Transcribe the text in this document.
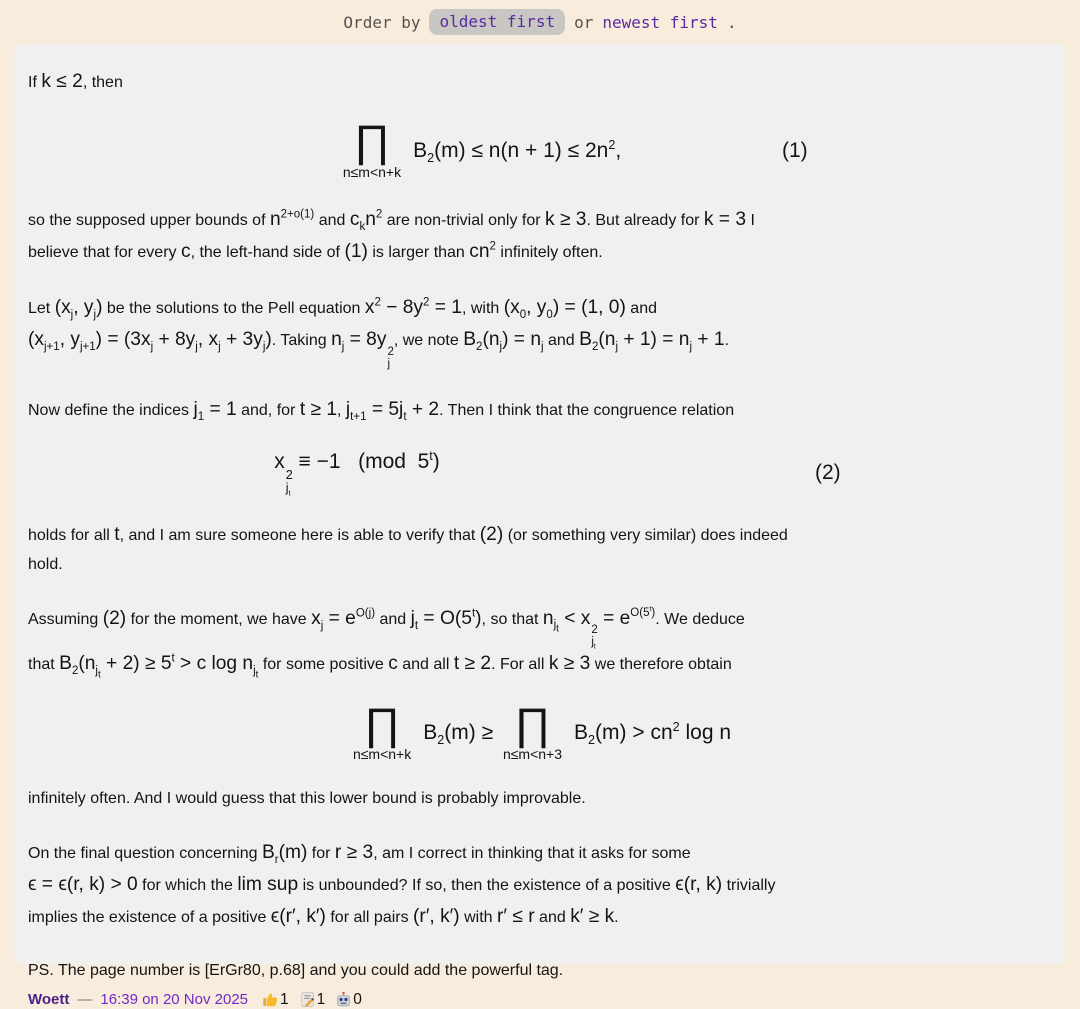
Order by	oldest first	or newest first .

If k ≤ 2, then

∏
n≤m<n+k
$B_2(m) \le n(n + 1) \le 2n^2$,	(1)

so the supposed upper bounds of $n^{2+o(1)}$ and $c_kn^2$ are non-trivial only for k ≥ 3. But already for k = 3 I
believe that for every c, the left-hand side of (1) is larger than $cn^2$ infinitely often.

Let ($x_j$, $y_j$) be the solutions to the Pell equation $x^2 - 8y^2 = 1$, with ($x_0$, $y_0) = (1$, 0) and
($x_{j+1}$, $y_{j+1}) = (3x_j + 8y_j$, $x_j + 3y_j$). Taking $n_j = 8y$
2
j
, we note $B_2(n_j) = n_j$ and $B_2(n_j + 1) = n_j + 1$.

Now define the indices $j_1 = 1$ and, for t ≥ 1, $j_{t+1} = 5j_t + 2$. Then I think that the congruence relation

x
2
$j_t$
≡ −1   (mod  5$^t$)	(2)

holds for all t, and I am sure someone here is able to verify that (2) (or something very similar) does indeed
hold.

Assuming (2) for the moment, we have $x_j = e^{O(j)}$ and $j_t = O(5^t)$, so that $n_{j_t} < x$
2
$j_t$
= $e^{O(5^t)}$. We deduce
that $B_2(n_{j_t} + 2) \ge 5^t > c$ $\log n_{j_t}$ for some positive c and all t ≥ 2. For all k ≥ 3 we therefore obtain

∏
n≤m<n+k
$B_2(m)$ ≥ ∏
n≤m<n+3
$B_2(m) > cn^2$ log n

infinitely often. And I would guess that this lower bound is probably improvable.

On the final question concerning $B_r(m)$ for r ≥ 3, am I correct in thinking that it asks for some
ϵ = ϵ(r, k) > 0 for which the lim sup is unbounded? If so, then the existence of a positive ϵ(r, k) trivially
implies the existence of a positive ϵ(r′, k′) for all pairs (r′, k′) with r′ ≤ r and k′ ≥ k.

PS. The page number is [ErGr80, p.68] and you could add the powerful tag.

Woett — 16:39 on 20 Nov 2025 1 1 0
